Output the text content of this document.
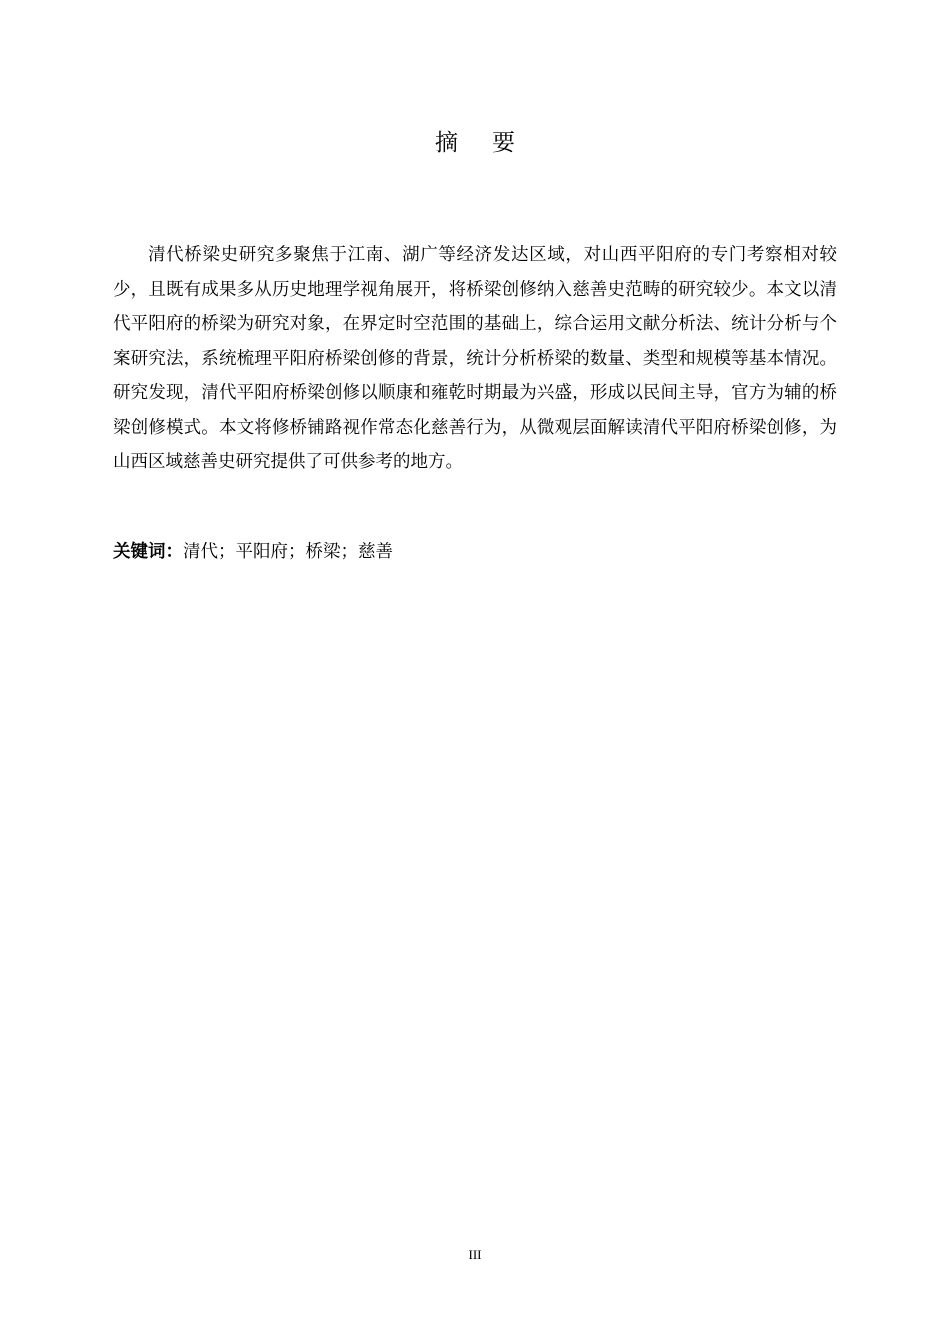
摘 要

清代桥梁史研究多聚焦于江南、湖广等经济发达区域，对山西平阳府的专门考察相对较少，且既有成果多从历史地理学视角展开，将桥梁创修纳入慈善史范畴的研究较少。本文以清代平阳府的桥梁为研究对象，在界定时空范围的基础上，综合运用文献分析法、统计分析与个案研究法，系统梳理平阳府桥梁创修的背景，统计分析桥梁的数量、类型和规模等基本情况。研究发现，清代平阳府桥梁创修以顺康和雍乾时期最为兴盛，形成以民间主导，官方为辅的桥梁创修模式。本文将修桥铺路视作常态化慈善行为，从微观层面解读清代平阳府桥梁创修，为山西区域慈善史研究提供了可供参考的地方。

关键词：清代；平阳府；桥梁；慈善

III
